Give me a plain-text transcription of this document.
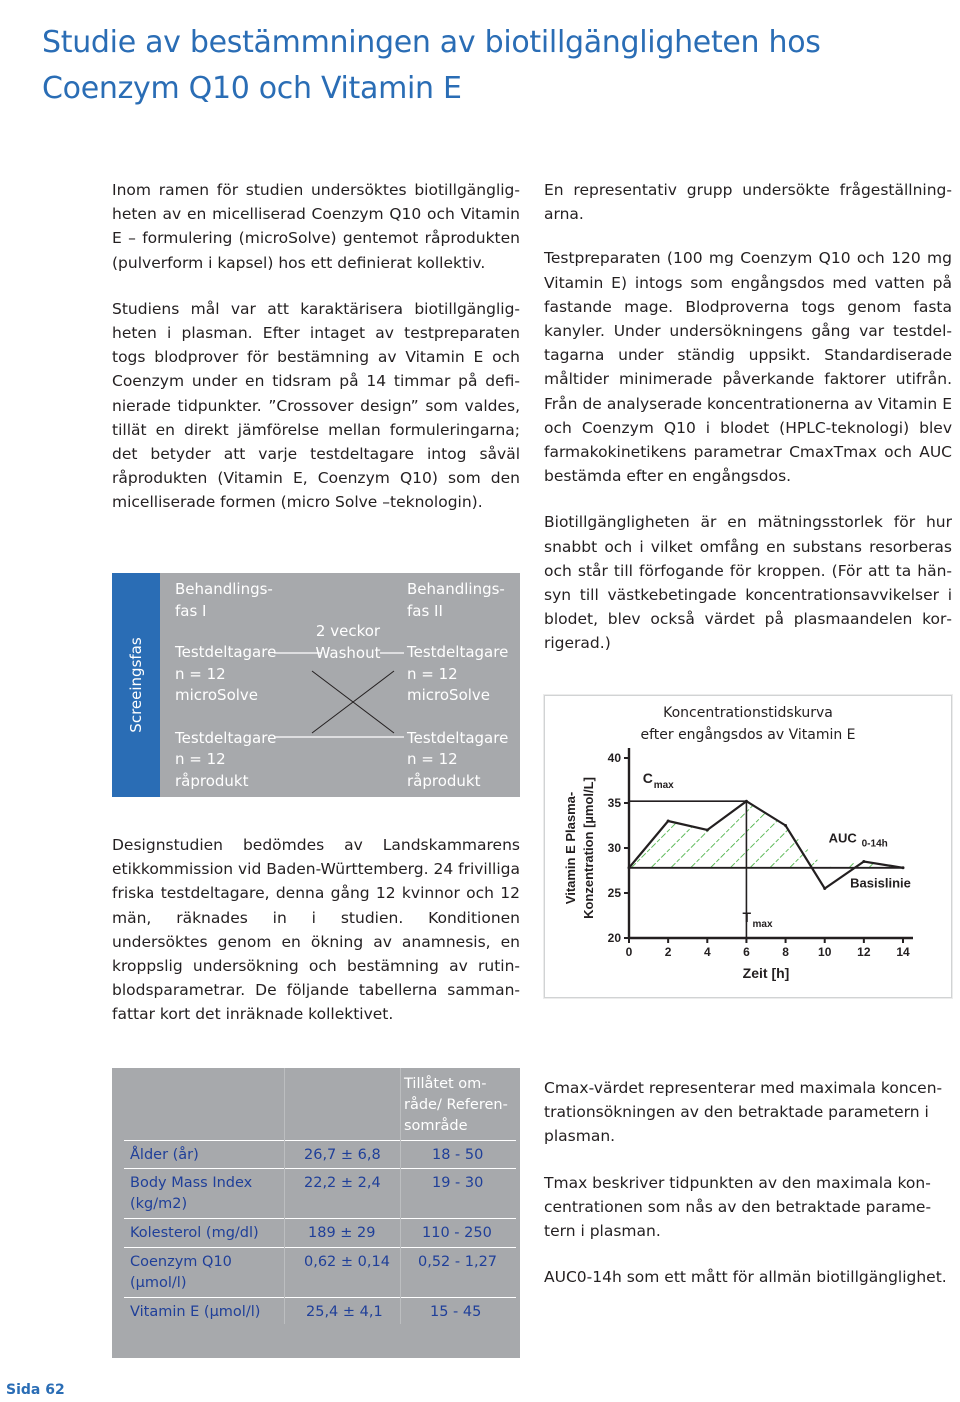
Studie av bestämmningen av biotillgängligheten hos Coenzym Q10 och Vitamin E

Inom ramen för studien undersöktes biotillgängligheten av en micelliserad Coenzym Q10 och Vitamin E – formulering (microSolve) gentemot råprodukten (pulverform i kapsel) hos ett definierat kollektiv.

Studiens mål var att karaktärisera biotillgängligheten i plasman. Efter intaget av testpreparaten togs blodprover för bestämning av Vitamin E och Coenzym under en tidsram på 14 timmar på definierade tidpunkter. ”Crossover design” som valdes, tillät en direkt jämförelse mellan formuleringarna; det betyder att varje testdeltagare intog såväl råprodukten (Vitamin E, Coenzym Q10) som den micelliserade formen (micro Solve –teknologin).

Screeingsfas
Behandlings-
fas I
Testdeltagare
n = 12
microSolve
Testdeltagare
n = 12
råprodukt
2 veckor
Washout
Behandlings-
fas II
Testdeltagare
n = 12
microSolve
Testdeltagare
n = 12
råprodukt

Designstudien bedömdes av Landskammarens etikkommission vid Baden-Württemberg. 24 frivilliga friska testdeltagare, denna gång 12 kvinnor och 12 män, räknades in i studien. Konditionen undersöktes genom en ökning av anamnesis, en kroppslig undersökning och bestämning av rutinblodsparametrar. De följande tabellerna sammanfattar kort det inräknade kollektivet.

En representativ grupp undersökte frågeställningarna.

Testpreparaten (100 mg Coenzym Q10 och 120 mg Vitamin E) intogs som engångsdos med vatten på fastande mage. Blodproverna togs genom fasta kanyler. Under undersökningens gång var testdeltagarna under ständig uppsikt. Standardiserade måltider minimerade påverkande faktorer utifrån. Från de analyserade koncentrationerna av Vitamin E och Coenzym Q10 i blodet (HPLC-teknologi) blev farmakokinetikens parametrar CmaxTmax och AUC bestämda efter en engångsdos.

Biotillgängligheten är en mätningsstorlek för hur snabbt och i vilket omfång en substans resorberas och står till förfogande för kroppen. (För att ta hänsyn till västkebetingade koncentrationsavvikelser i blodet, blev också värdet på plasmaandelen korrigerad.)

Koncentrationstidskurva
efter engångsdos av Vitamin E
20
25
30
35
40
0	2	4	6	8 10 12 14
C max
T max
AUC 0-14h
Basislinie
Zeit [h]
Vitamin E Plasma- Konzentration [µmol/L]
Tillåtet om-
råde/ Referen-
sområde
Ålder (år)	26,7 ± 6,8	18 - 50
Body Mass Index (kg/m2)
22,2 ± 2,4	19 - 30
Kolesterol (mg/dl)	189 ± 29	110 - 250
Coenzym Q10 (µmol/l)
0,62 ± 0,14 0,52 - 1,27
Vitamin E (µmol/l)	25,4 ± 4,1	15 - 45

Cmax-värdet representerar med maximala koncentrationsökningen av den betraktade parametern i plasman.

Tmax beskriver tidpunkten av den maximala koncentrationen som nås av den betraktade parametern i plasman.

AUC0-14h som ett mått för allmän biotillgänglighet.

Sida 62
